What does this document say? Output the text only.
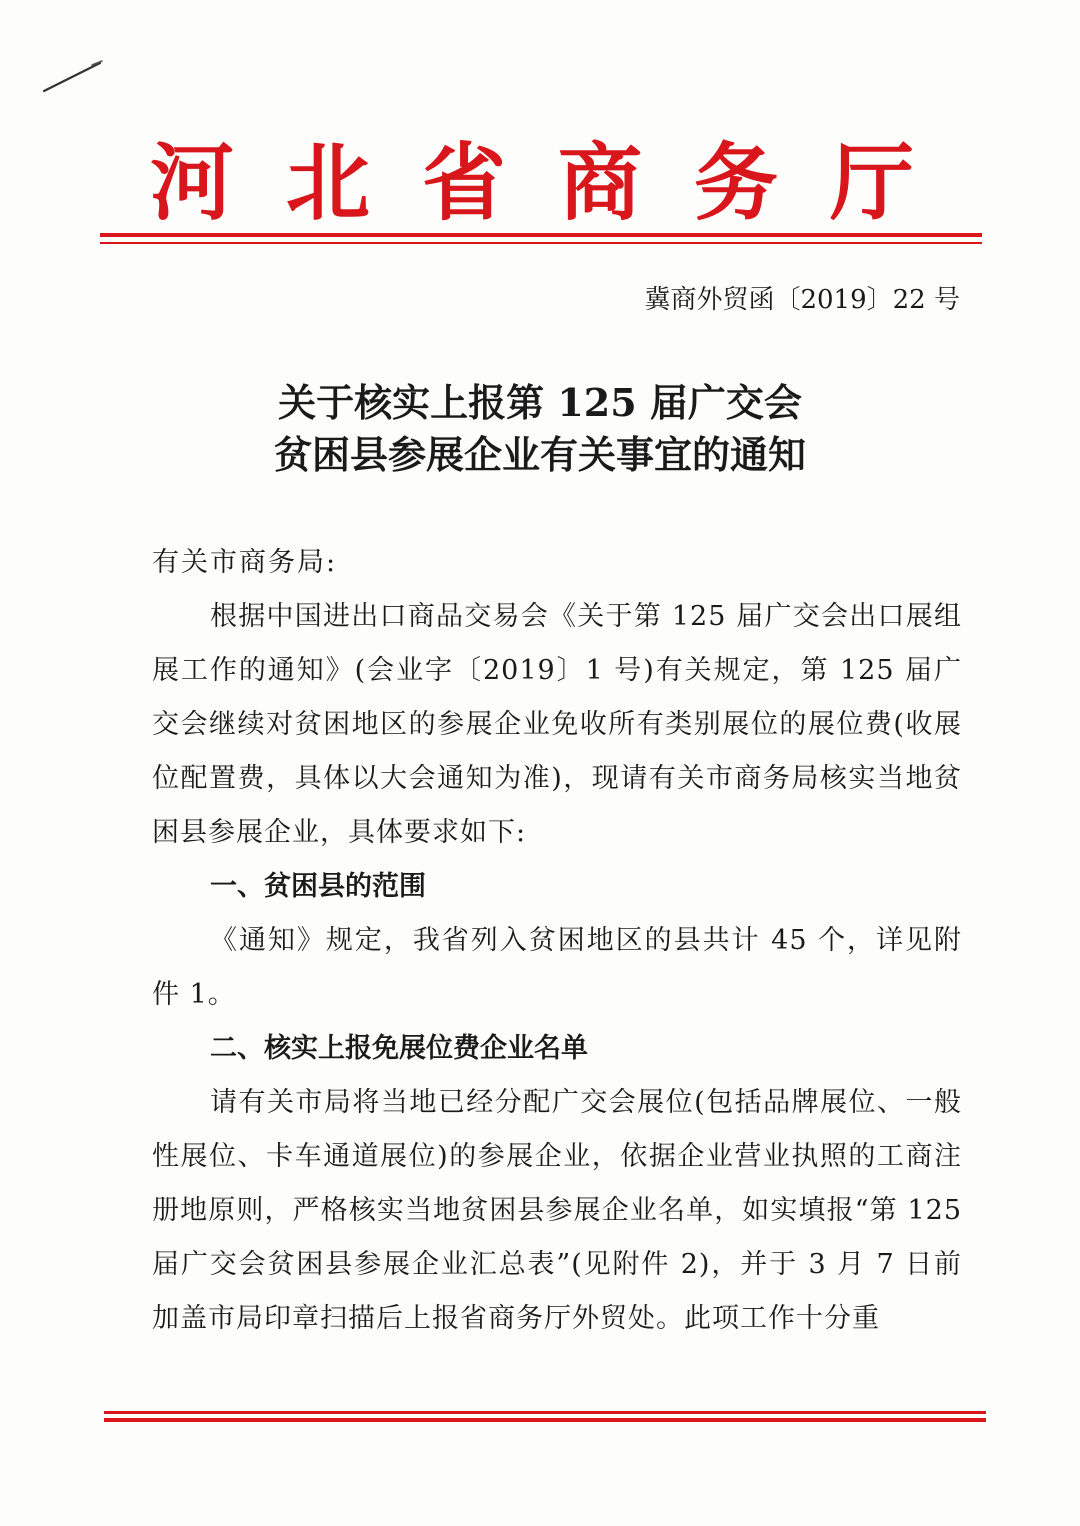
河北省商务厅
冀商外贸函〔2019〕22 号
关于核实上报第 125 届广交会
贫困县参展企业有关事宜的通知
有关市商务局:
根据中国进出口商品交易会《关于第 125 届广交会出口展组展工作的通知》(会业字〔2019〕1 号)有关规定，第 125 届广交会继续对贫困地区的参展企业免收所有类别展位的展位费(收展位配置费，具体以大会通知为准)，现请有关市商务局核实当地贫困县参展企业，具体要求如下:
一、贫困县的范围
《通知》规定，我省列入贫困地区的县共计 45 个，详见附件 1。
二、核实上报免展位费企业名单
请有关市局将当地已经分配广交会展位(包括品牌展位、一般性展位、卡车通道展位)的参展企业，依据企业营业执照的工商注册地原则，严格核实当地贫困县参展企业名单，如实填报“第 125 届广交会贫困县参展企业汇总表”(见附件 2)，并于 3 月 7 日前加盖市局印章扫描后上报省商务厅外贸处。此项工作十分重
